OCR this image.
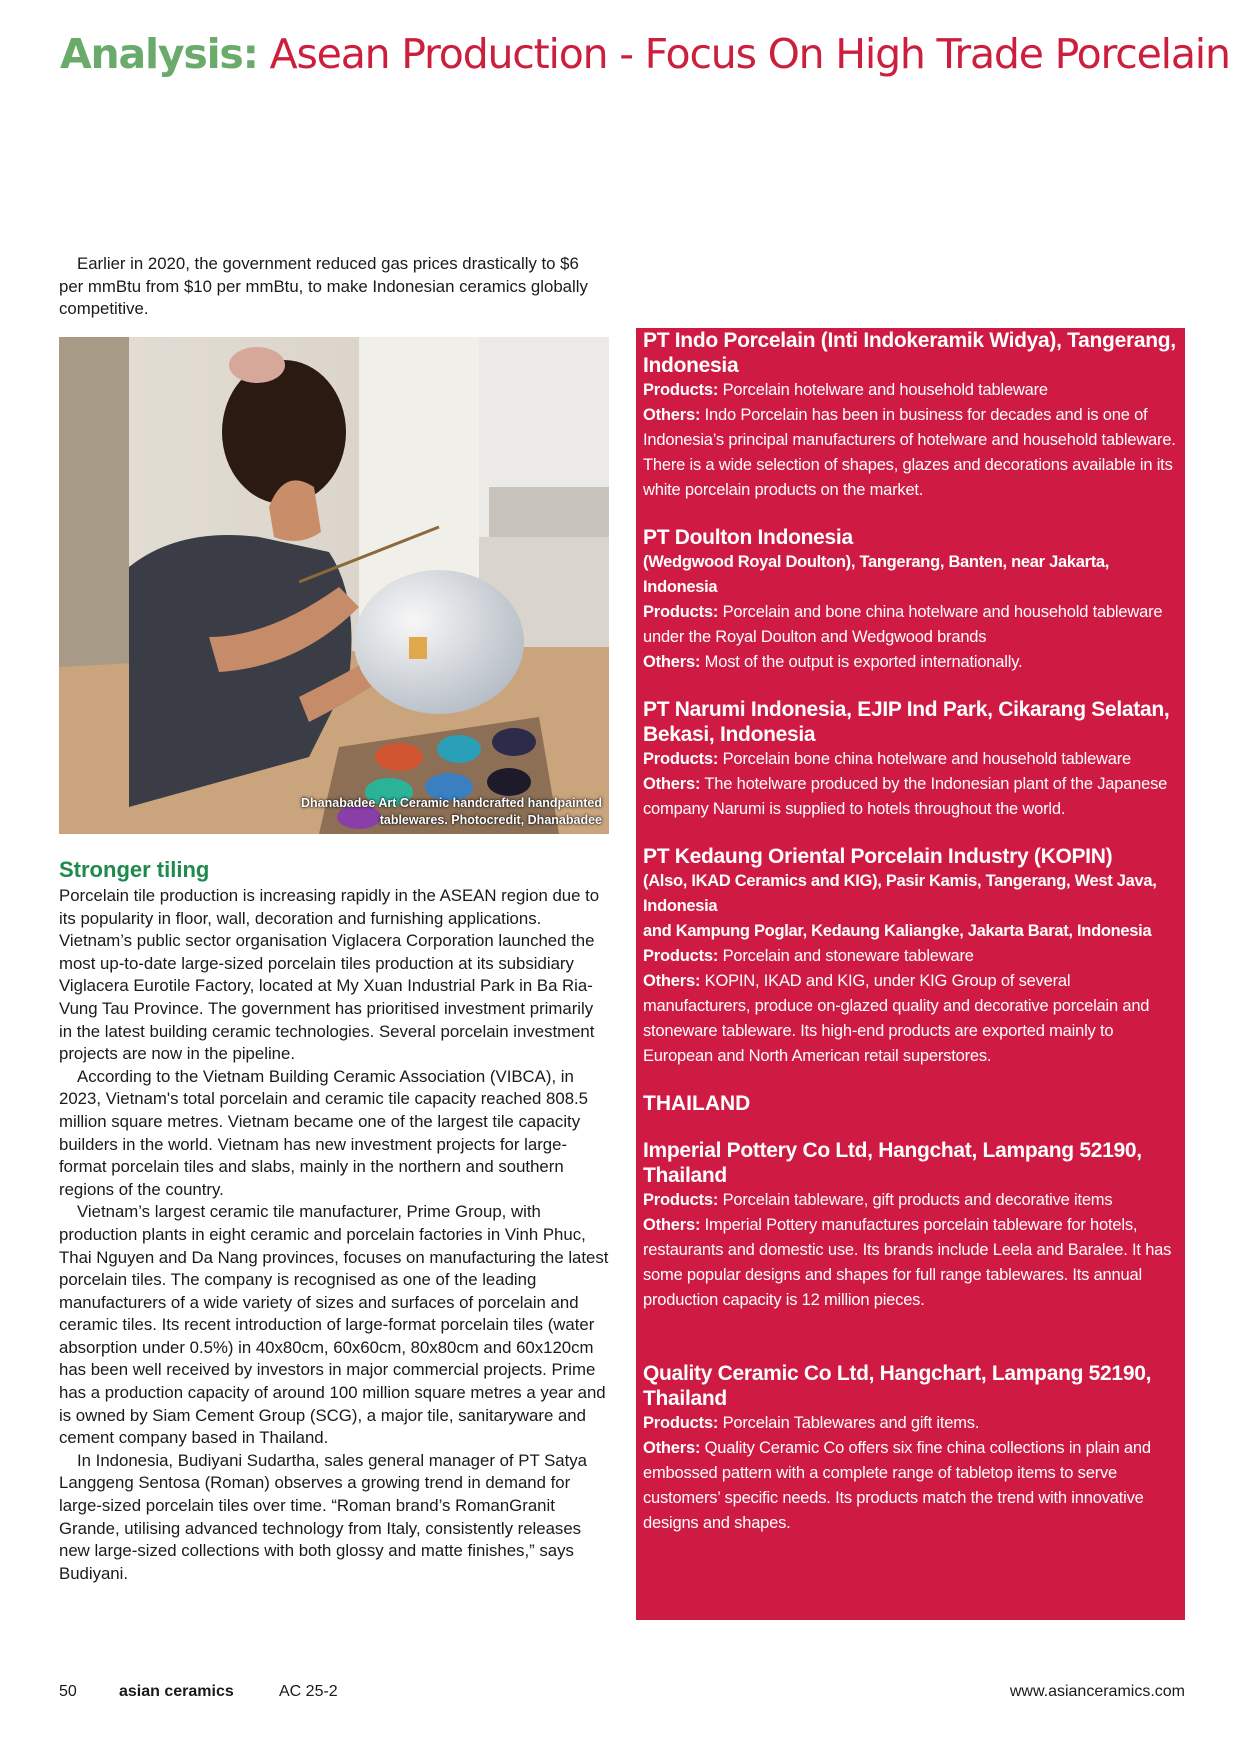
Analysis: Asean Production - Focus On High Trade Porcelain

Earlier in 2020, the government reduced gas prices drastically to $6 per mmBtu from $10 per mmBtu, to make Indonesian ceramics globally competitive.

Dhanabadee Art Ceramic handcrafted handpainted
tablewares. Photocredit, Dhanabadee
Stronger tiling

Porcelain tile production is increasing rapidly in the ASEAN region due to its popularity in floor, wall, decoration and furnishing applications. Vietnam’s public sector organisation Viglacera Corporation launched the most up-to-date large-sized porcelain tiles production at its subsidiary Viglacera Eurotile Factory, located at My Xuan Industrial Park in Ba Ria-Vung Tau Province. The government has prioritised investment primarily in the latest building ceramic technologies. Several porcelain investment projects are now in the pipeline.

According to the Vietnam Building Ceramic Association (VIBCA), in 2023, Vietnam's total porcelain and ceramic tile capacity reached 808.5 million square metres. Vietnam became one of the largest tile capacity builders in the world. Vietnam has new investment projects for large-format porcelain tiles and slabs, mainly in the northern and southern regions of the country.

Vietnam’s largest ceramic tile manufacturer, Prime Group, with production plants in eight ceramic and porcelain factories in Vinh Phuc, Thai Nguyen and Da Nang provinces, focuses on manufacturing the latest porcelain tiles. The company is recognised as one of the leading manufacturers of a wide variety of sizes and surfaces of porcelain and ceramic tiles. Its recent introduction of large-format porcelain tiles (water absorption under 0.5%) in 40x80cm, 60x60cm, 80x80cm and 60x120cm has been well received by investors in major commercial projects. Prime has a production capacity of around 100 million square metres a year and is owned by Siam Cement Group (SCG), a major tile, sanitaryware and cement company based in Thailand.

In Indonesia, Budiyani Sudartha, sales general manager of PT Satya Langgeng Sentosa (Roman) observes a growing trend in demand for large-sized porcelain tiles over time. “Roman brand’s RomanGranit Grande, utilising advanced technology from Italy, consistently releases new large-sized collections with both glossy and matte finishes,” says Budiyani.

PT Indo Porcelain (Inti Indokeramik Widya), Tangerang, Indonesia

Products: Porcelain hotelware and household tableware

Others: Indo Porcelain has been in business for decades and is one of Indonesia’s principal manufacturers of hotelware and household tableware. There is a wide selection of shapes, glazes and decorations available in its white porcelain products on the market.

PT Doulton Indonesia
(Wedgwood Royal Doulton), Tangerang, Banten, near Jakarta, Indonesia

Products: Porcelain and bone china hotelware and household tableware under the Royal Doulton and Wedgwood brands

Others: Most of the output is exported internationally.

PT Narumi Indonesia, EJIP Ind Park, Cikarang Selatan, Bekasi, Indonesia

Products: Porcelain bone china hotelware and household tableware

Others: The hotelware produced by the Indonesian plant of the Japanese company Narumi is supplied to hotels throughout the world.

PT Kedaung Oriental Porcelain Industry (KOPIN)
(Also, IKAD Ceramics and KIG), Pasir Kamis, Tangerang, West Java, Indonesia
and Kampung Poglar, Kedaung Kaliangke, Jakarta Barat, Indonesia

Products: Porcelain and stoneware tableware

Others: KOPIN, IKAD and KIG, under KIG Group of several manufacturers, produce on-glazed quality and decorative porcelain and stoneware tableware. Its high-end products are exported mainly to European and North American retail superstores.

THAILAND
Imperial Pottery Co Ltd, Hangchat, Lampang 52190, Thailand

Products: Porcelain tableware, gift products and decorative items

Others: Imperial Pottery manufactures porcelain tableware for hotels, restaurants and domestic use. Its brands include Leela and Baralee. It has some popular designs and shapes for full range tablewares. Its annual production capacity is 12 million pieces.

Quality Ceramic Co Ltd, Hangchart, Lampang 52190, Thailand

Products: Porcelain Tablewares and gift items.

Others: Quality Ceramic Co offers six fine china collections in plain and embossed pattern with a complete range of tabletop items to serve customers’ specific needs. Its products match the trend with innovative designs and shapes.

50	asian ceramics	AC 25-2	www.asianceramics.com
